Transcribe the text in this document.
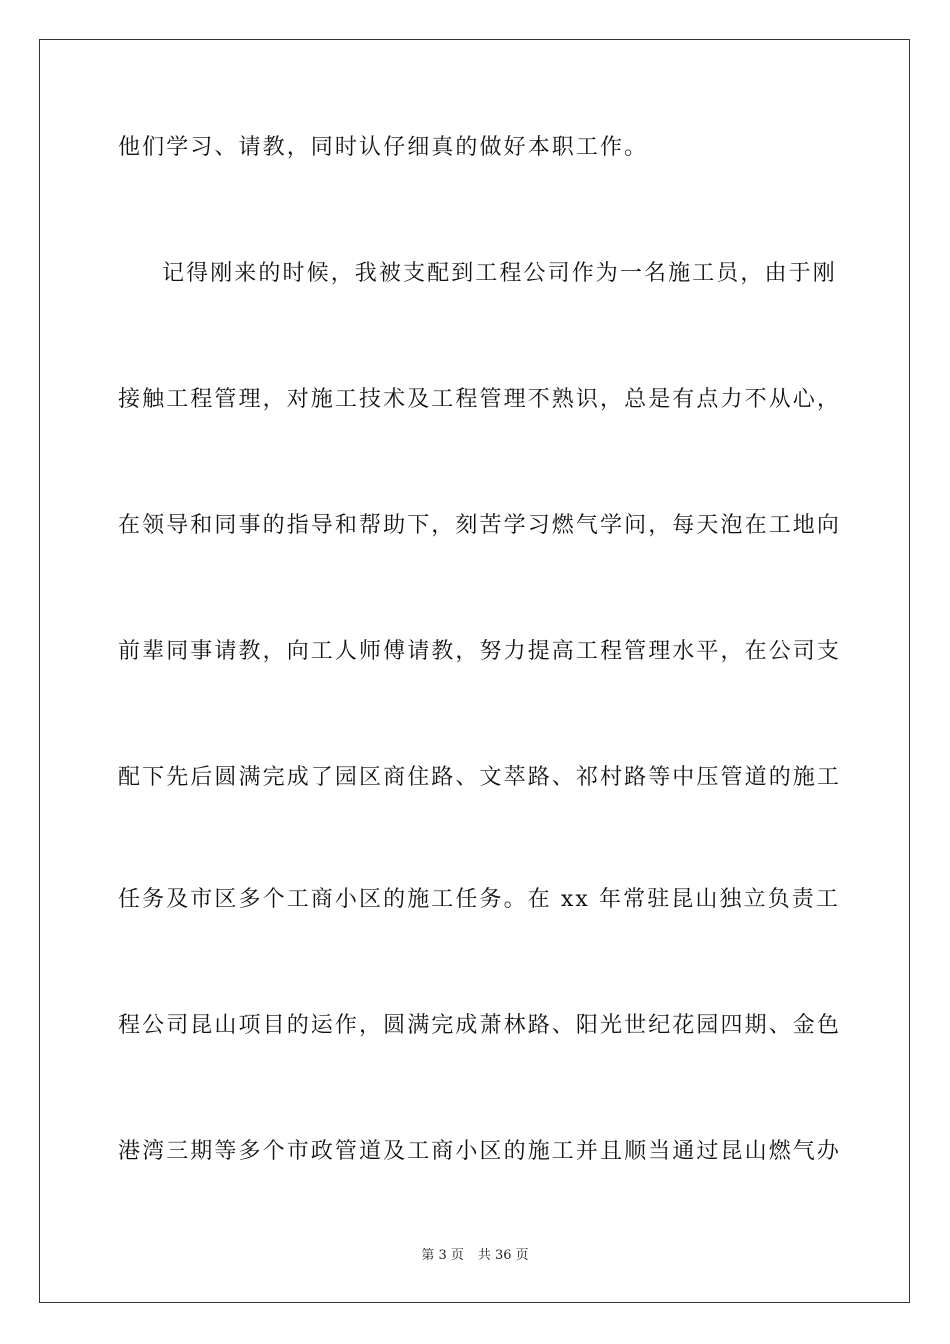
他们学习、请教，同时认仔细真的做好本职工作。
记得刚来的时候，我被支配到工程公司作为一名施工员，由于刚
接触工程管理，对施工技术及工程管理不熟识，总是有点力不从心，
在领导和同事的指导和帮助下，刻苦学习燃气学问，每天泡在工地向
前辈同事请教，向工人师傅请教，努力提高工程管理水平，在公司支
配下先后圆满完成了园区商住路、文萃路、祁村路等中压管道的施工
任务及市区多个工商小区的施工任务。在 xx 年常驻昆山独立负责工
程公司昆山项目的运作，圆满完成萧林路、阳光世纪花园四期、金色
港湾三期等多个市政管道及工商小区的施工并且顺当通过昆山燃气办
第 3 页 共 36 页
